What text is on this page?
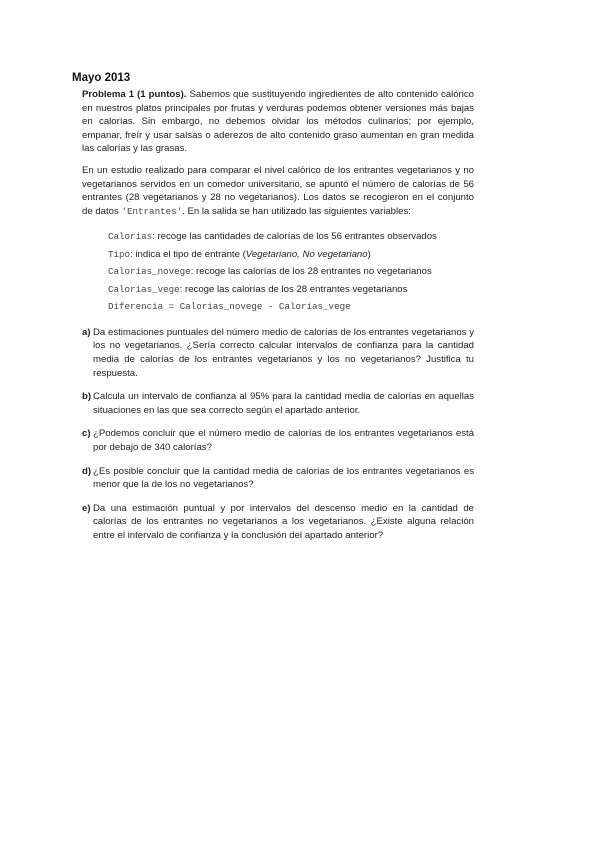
Mayo 2013

Problema 1 (1 puntos). Sabemos que sustituyendo ingredientes de alto contenido calórico en nuestros platos principales por frutas y verduras podemos obtener versiones más bajas en calorías. Sin embargo, no debemos olvidar los métodos culinarios; por ejemplo, empanar, freír y usar salsas o aderezos de alto contenido graso aumentan en gran medida las calorías y las grasas.

En un estudio realizado para comparar el nivel calórico de los entrantes vegetarianos y no vegetarianos servidos en un comedor universitario, se apuntó el número de calorías de 56 entrantes (28 vegetarianos y 28 no vegetarianos). Los datos se recogieron en el conjunto de datos 'Entrantes'. En la salida se han utilizado las siguientes variables:

Calorias: recoge las cantidades de calorías de los 56 entrantes observados
Tipo: indica el tipo de entrante (Vegetariano, No vegetariano)
Calorias_novege: recoge las calorías de los 28 entrantes no vegetarianos
Calorias_vege: recoge las calorías de los 28 entrantes vegetarianos
Diferencia = Calorias_novege - Calorias_vege
a) Da estimaciones puntuales del número medio de calorías de los entrantes vegetarianos y los no vegetarianos. ¿Sería correcto calcular intervalos de confianza para la cantidad media de calorías de los entrantes vegetarianos y los no vegetarianos? Justifica tu respuesta.
b) Calcula un intervalo de confianza al 95% para la cantidad media de calorías en aquellas situaciones en las que sea correcto según el apartado anterior.
c) ¿Podemos concluir que el número medio de calorías de los entrantes vegetarianos está por debajo de 340 calorías?
d) ¿Es posible concluir que la cantidad media de calorías de los entrantes vegetarianos es menor que la de los no vegetarianos?
e) Da una estimación puntual y por intervalos del descenso medio en la cantidad de calorías de los entrantes no vegetarianos a los vegetarianos. ¿Existe alguna relación entre el intervalo de confianza y la conclusión del apartado anterior?
